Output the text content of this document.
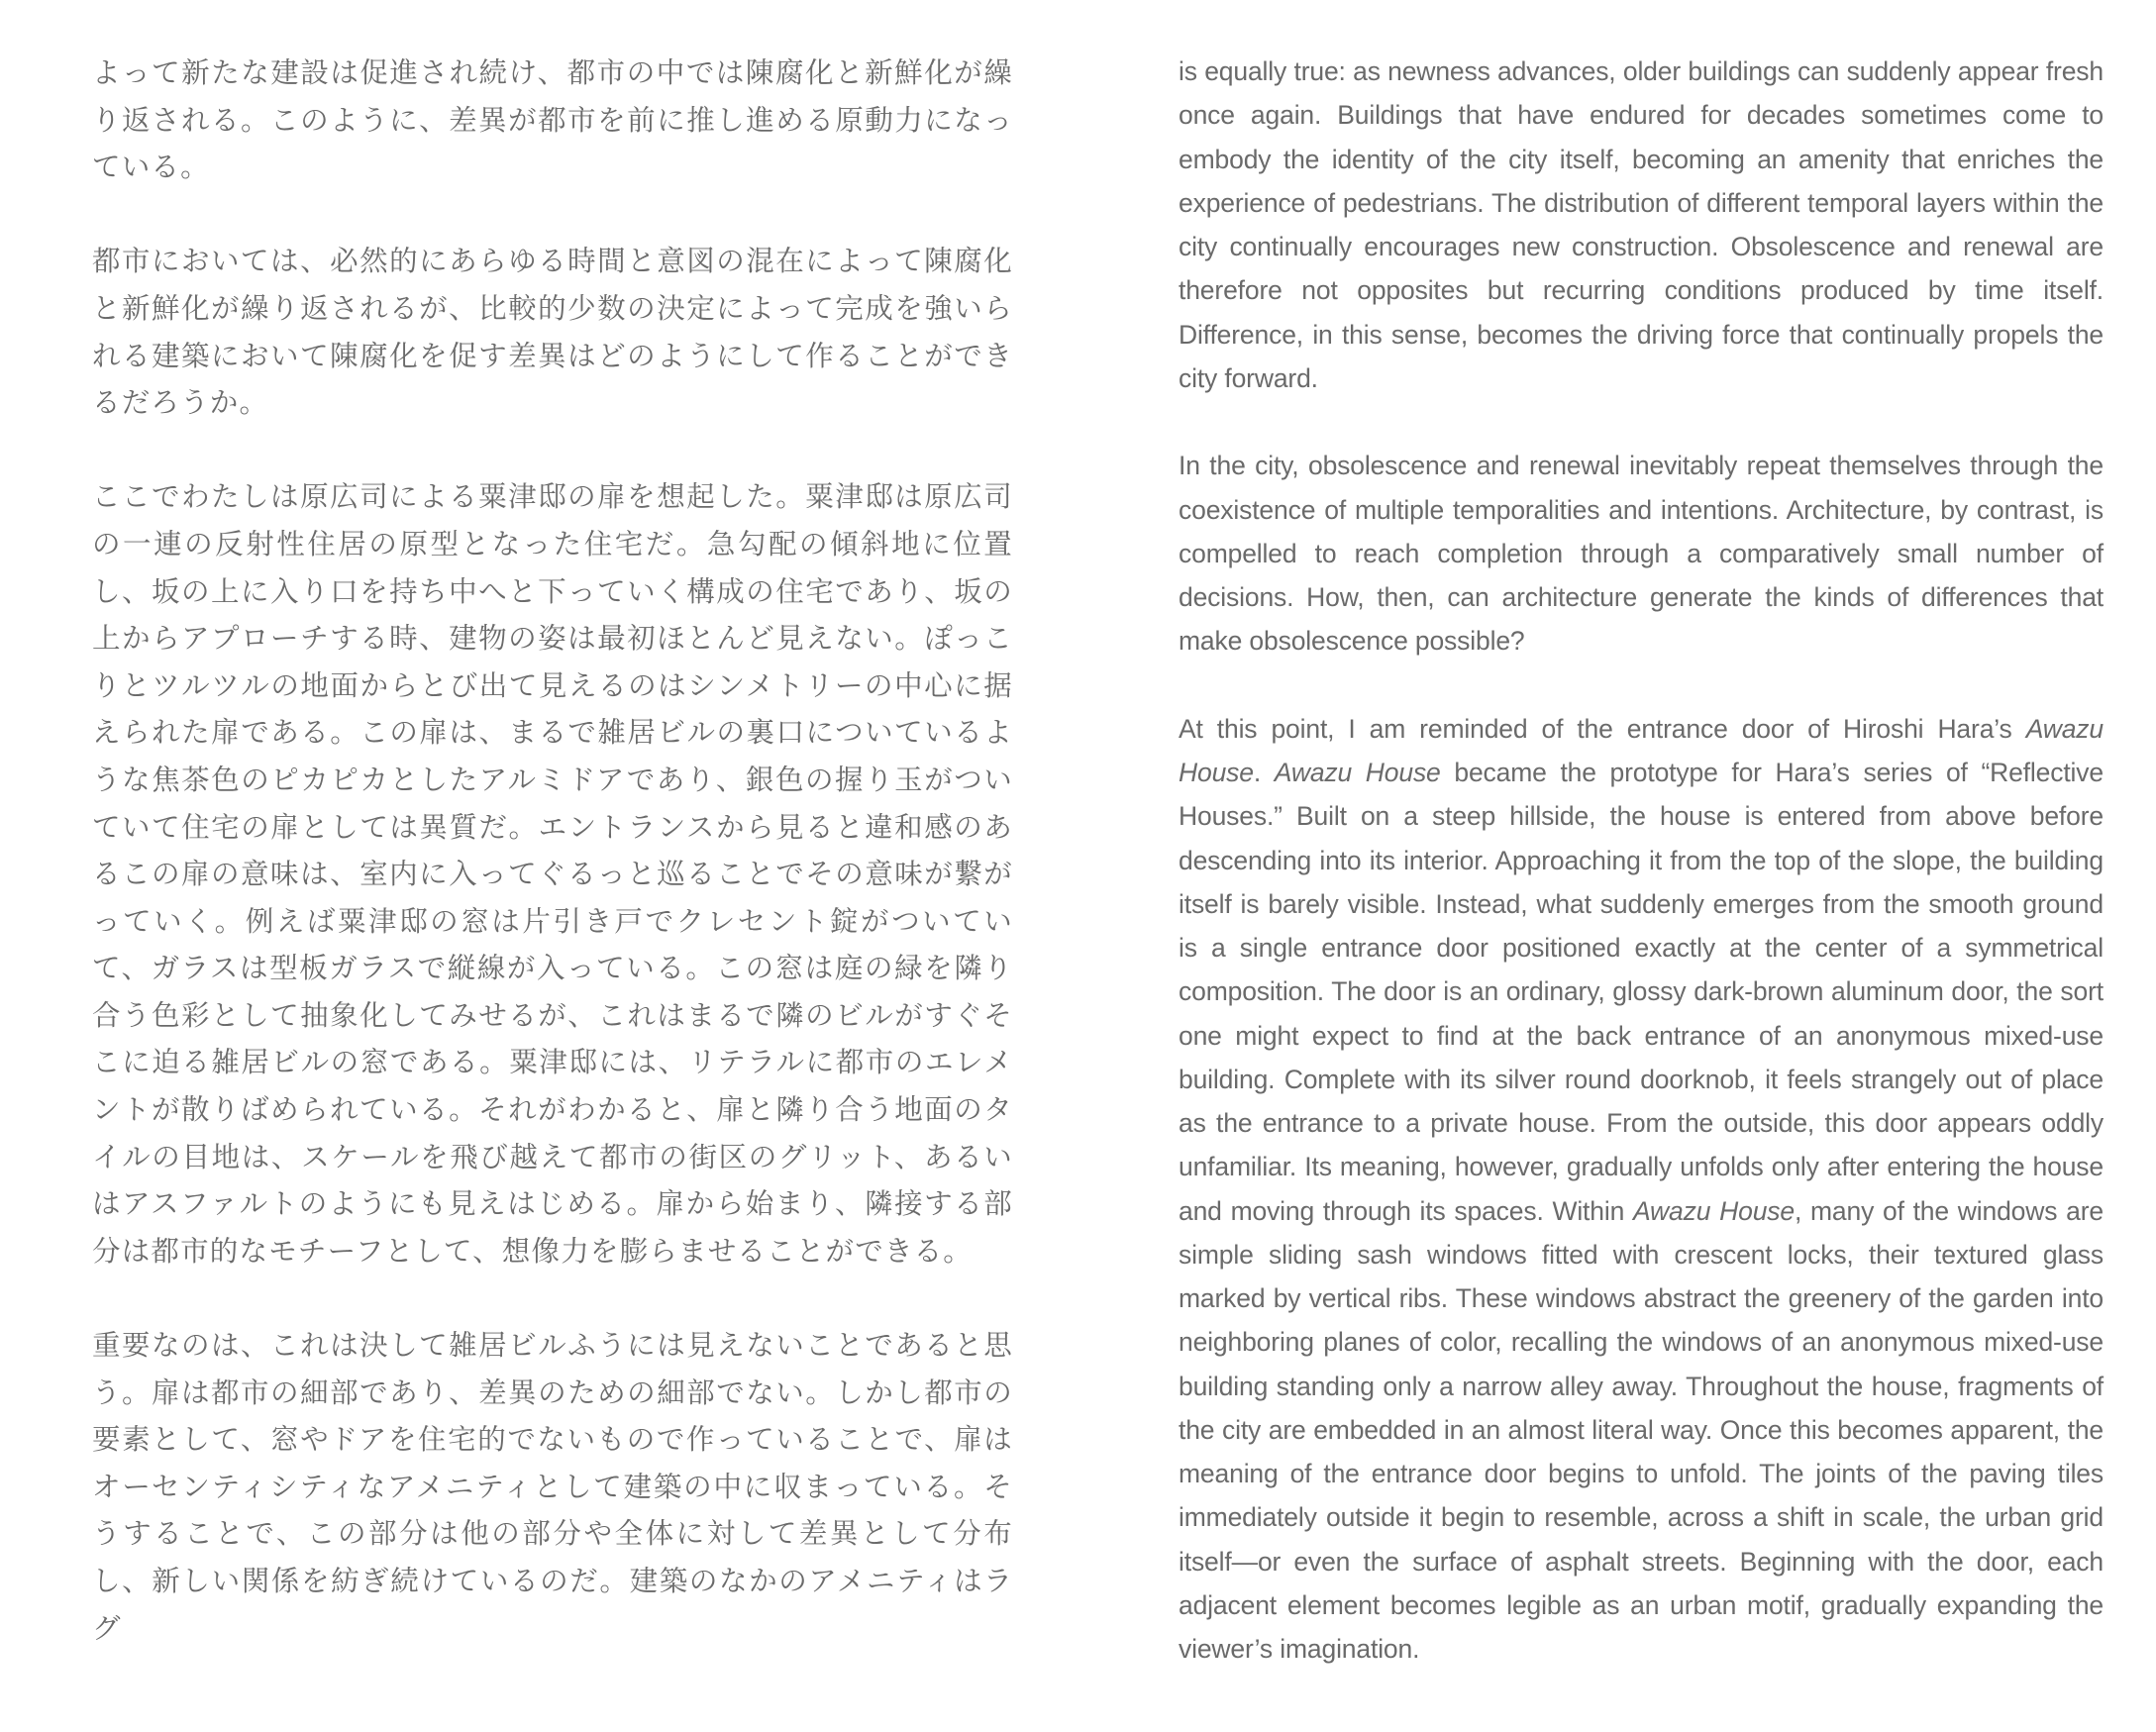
よって新たな建設は促進され続け、都市の中では陳腐化と新鮮化が繰り返される。このように、差異が都市を前に推し進める原動力になっている。

都市においては、必然的にあらゆる時間と意図の混在によって陳腐化と新鮮化が繰り返されるが、比較的少数の決定によって完成を強いられる建築において陳腐化を促す差異はどのようにして作ることができるだろうか。

ここでわたしは原広司による粟津邸の扉を想起した。粟津邸は原広司の一連の反射性住居の原型となった住宅だ。急勾配の傾斜地に位置し、坂の上に入り口を持ち中へと下っていく構成の住宅であり、坂の上からアプローチする時、建物の姿は最初ほとんど見えない。ぽっこりとツルツルの地面からとび出て見えるのはシンメトリーの中心に据えられた扉である。この扉は、まるで雑居ビルの裏口についているような焦茶色のピカピカとしたアルミドアであり、銀色の握り玉がついていて住宅の扉としては異質だ。エントランスから見ると違和感のあるこの扉の意味は、室内に入ってぐるっと巡ることでその意味が繋がっていく。例えば粟津邸の窓は片引き戸でクレセント錠がついていて、ガラスは型板ガラスで縦線が入っている。この窓は庭の緑を隣り合う色彩として抽象化してみせるが、これはまるで隣のビルがすぐそこに迫る雑居ビルの窓である。粟津邸には、リテラルに都市のエレメントが散りばめられている。それがわかると、扉と隣り合う地面のタイルの目地は、スケールを飛び越えて都市の街区のグリット、あるいはアスファルトのようにも見えはじめる。扉から始まり、隣接する部分は都市的なモチーフとして、想像力を膨らませることができる。

重要なのは、これは決して雑居ビルふうには見えないことであると思う。扉は都市の細部であり、差異のための細部でない。しかし都市の要素として、窓やドアを住宅的でないもので作っていることで、扉はオーセンティシティなアメニティとして建築の中に収まっている。そうすることで、この部分は他の部分や全体に対して差異として分布し、新しい関係を紡ぎ続けているのだ。建築のなかのアメニティはラグ

is equally true: as newness advances, older buildings can suddenly appear fresh once again. Buildings that have endured for decades sometimes come to embody the identity of the city itself, becoming an amenity that enriches the experience of pedestrians. The distribution of different temporal layers within the city continually encourages new construction. Obsolescence and renewal are therefore not opposites but recurring conditions produced by time itself. Difference, in this sense, becomes the driving force that continually propels the city forward.

In the city, obsolescence and renewal inevitably repeat themselves through the coexistence of multiple temporalities and intentions. Architecture, by contrast, is compelled to reach completion through a comparatively small number of decisions. How, then, can architecture generate the kinds of differences that make obsolescence possible?

At this point, I am reminded of the entrance door of Hiroshi Hara’s Awazu House. Awazu House became the prototype for Hara’s series of “Reflective Houses.” Built on a steep hillside, the house is entered from above before descending into its interior. Approaching it from the top of the slope, the building itself is barely visible. Instead, what suddenly emerges from the smooth ground is a single entrance door positioned exactly at the center of a symmetrical composition. The door is an ordinary, glossy dark-brown aluminum door, the sort one might expect to find at the back entrance of an anonymous mixed-use building. Complete with its silver round doorknob, it feels strangely out of place as the entrance to a private house. From the outside, this door appears oddly unfamiliar. Its meaning, however, gradually unfolds only after entering the house and moving through its spaces. Within Awazu House, many of the windows are simple sliding sash windows fitted with crescent locks, their textured glass marked by vertical ribs. These windows abstract the greenery of the garden into neighboring planes of color, recalling the windows of an anonymous mixed-use building standing only a narrow alley away. Throughout the house, fragments of the city are embedded in an almost literal way. Once this becomes apparent, the meaning of the entrance door begins to unfold. The joints of the paving tiles immediately outside it begin to resemble, across a shift in scale, the urban grid itself—or even the surface of asphalt streets. Beginning with the door, each adjacent element becomes legible as an urban motif, gradually expanding the viewer’s imagination.
